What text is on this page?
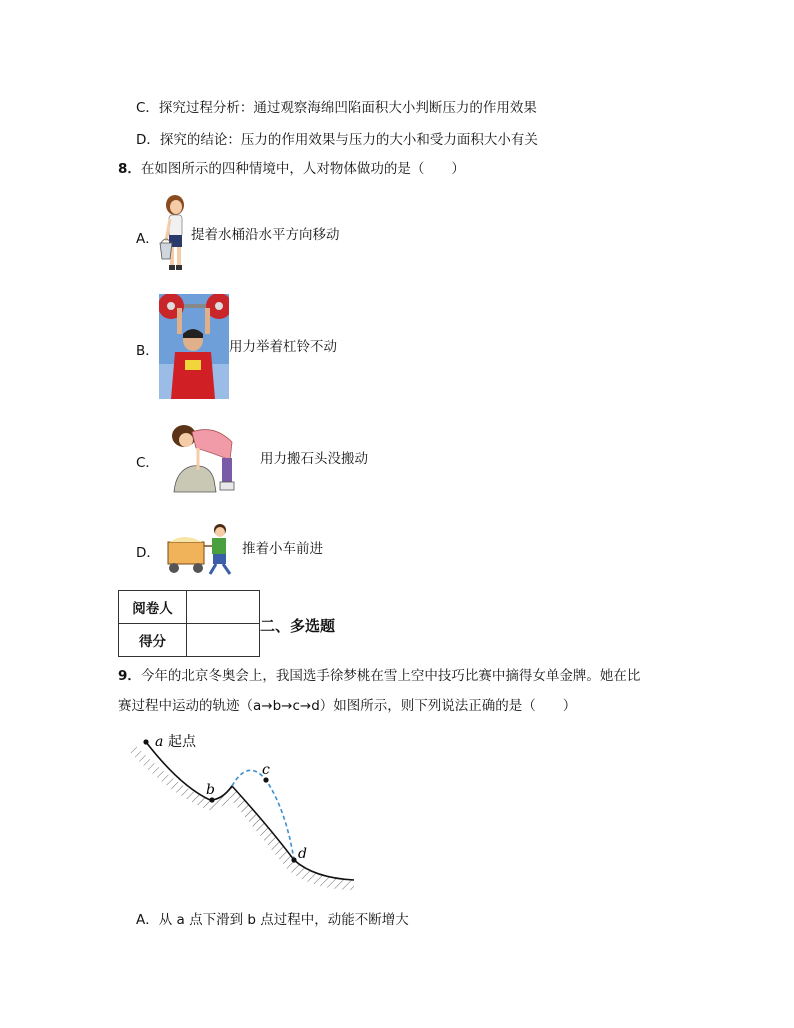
C．探究过程分析：通过观察海绵凹陷面积大小判断压力的作用效果
D．探究的结论：压力的作用效果与压力的大小和受力面积大小有关
8．在如图所示的四种情境中，人对物体做功的是（　　）
A． 提着水桶沿水平方向移动
B．	用力举着杠铃不动
C．	用力搬石头没搬动
D．	推着小车前进
阅卷人	
得分	
二、多选题
9．今年的北京冬奥会上，我国选手徐梦桃在雪上空中技巧比赛中摘得女单金牌。她在比
赛过程中运动的轨迹（a→b→c→d）如图所示，则下列说法正确的是（　　）
a 起点
b
c
d
A．从 a 点下滑到 b 点过程中，动能不断增大
